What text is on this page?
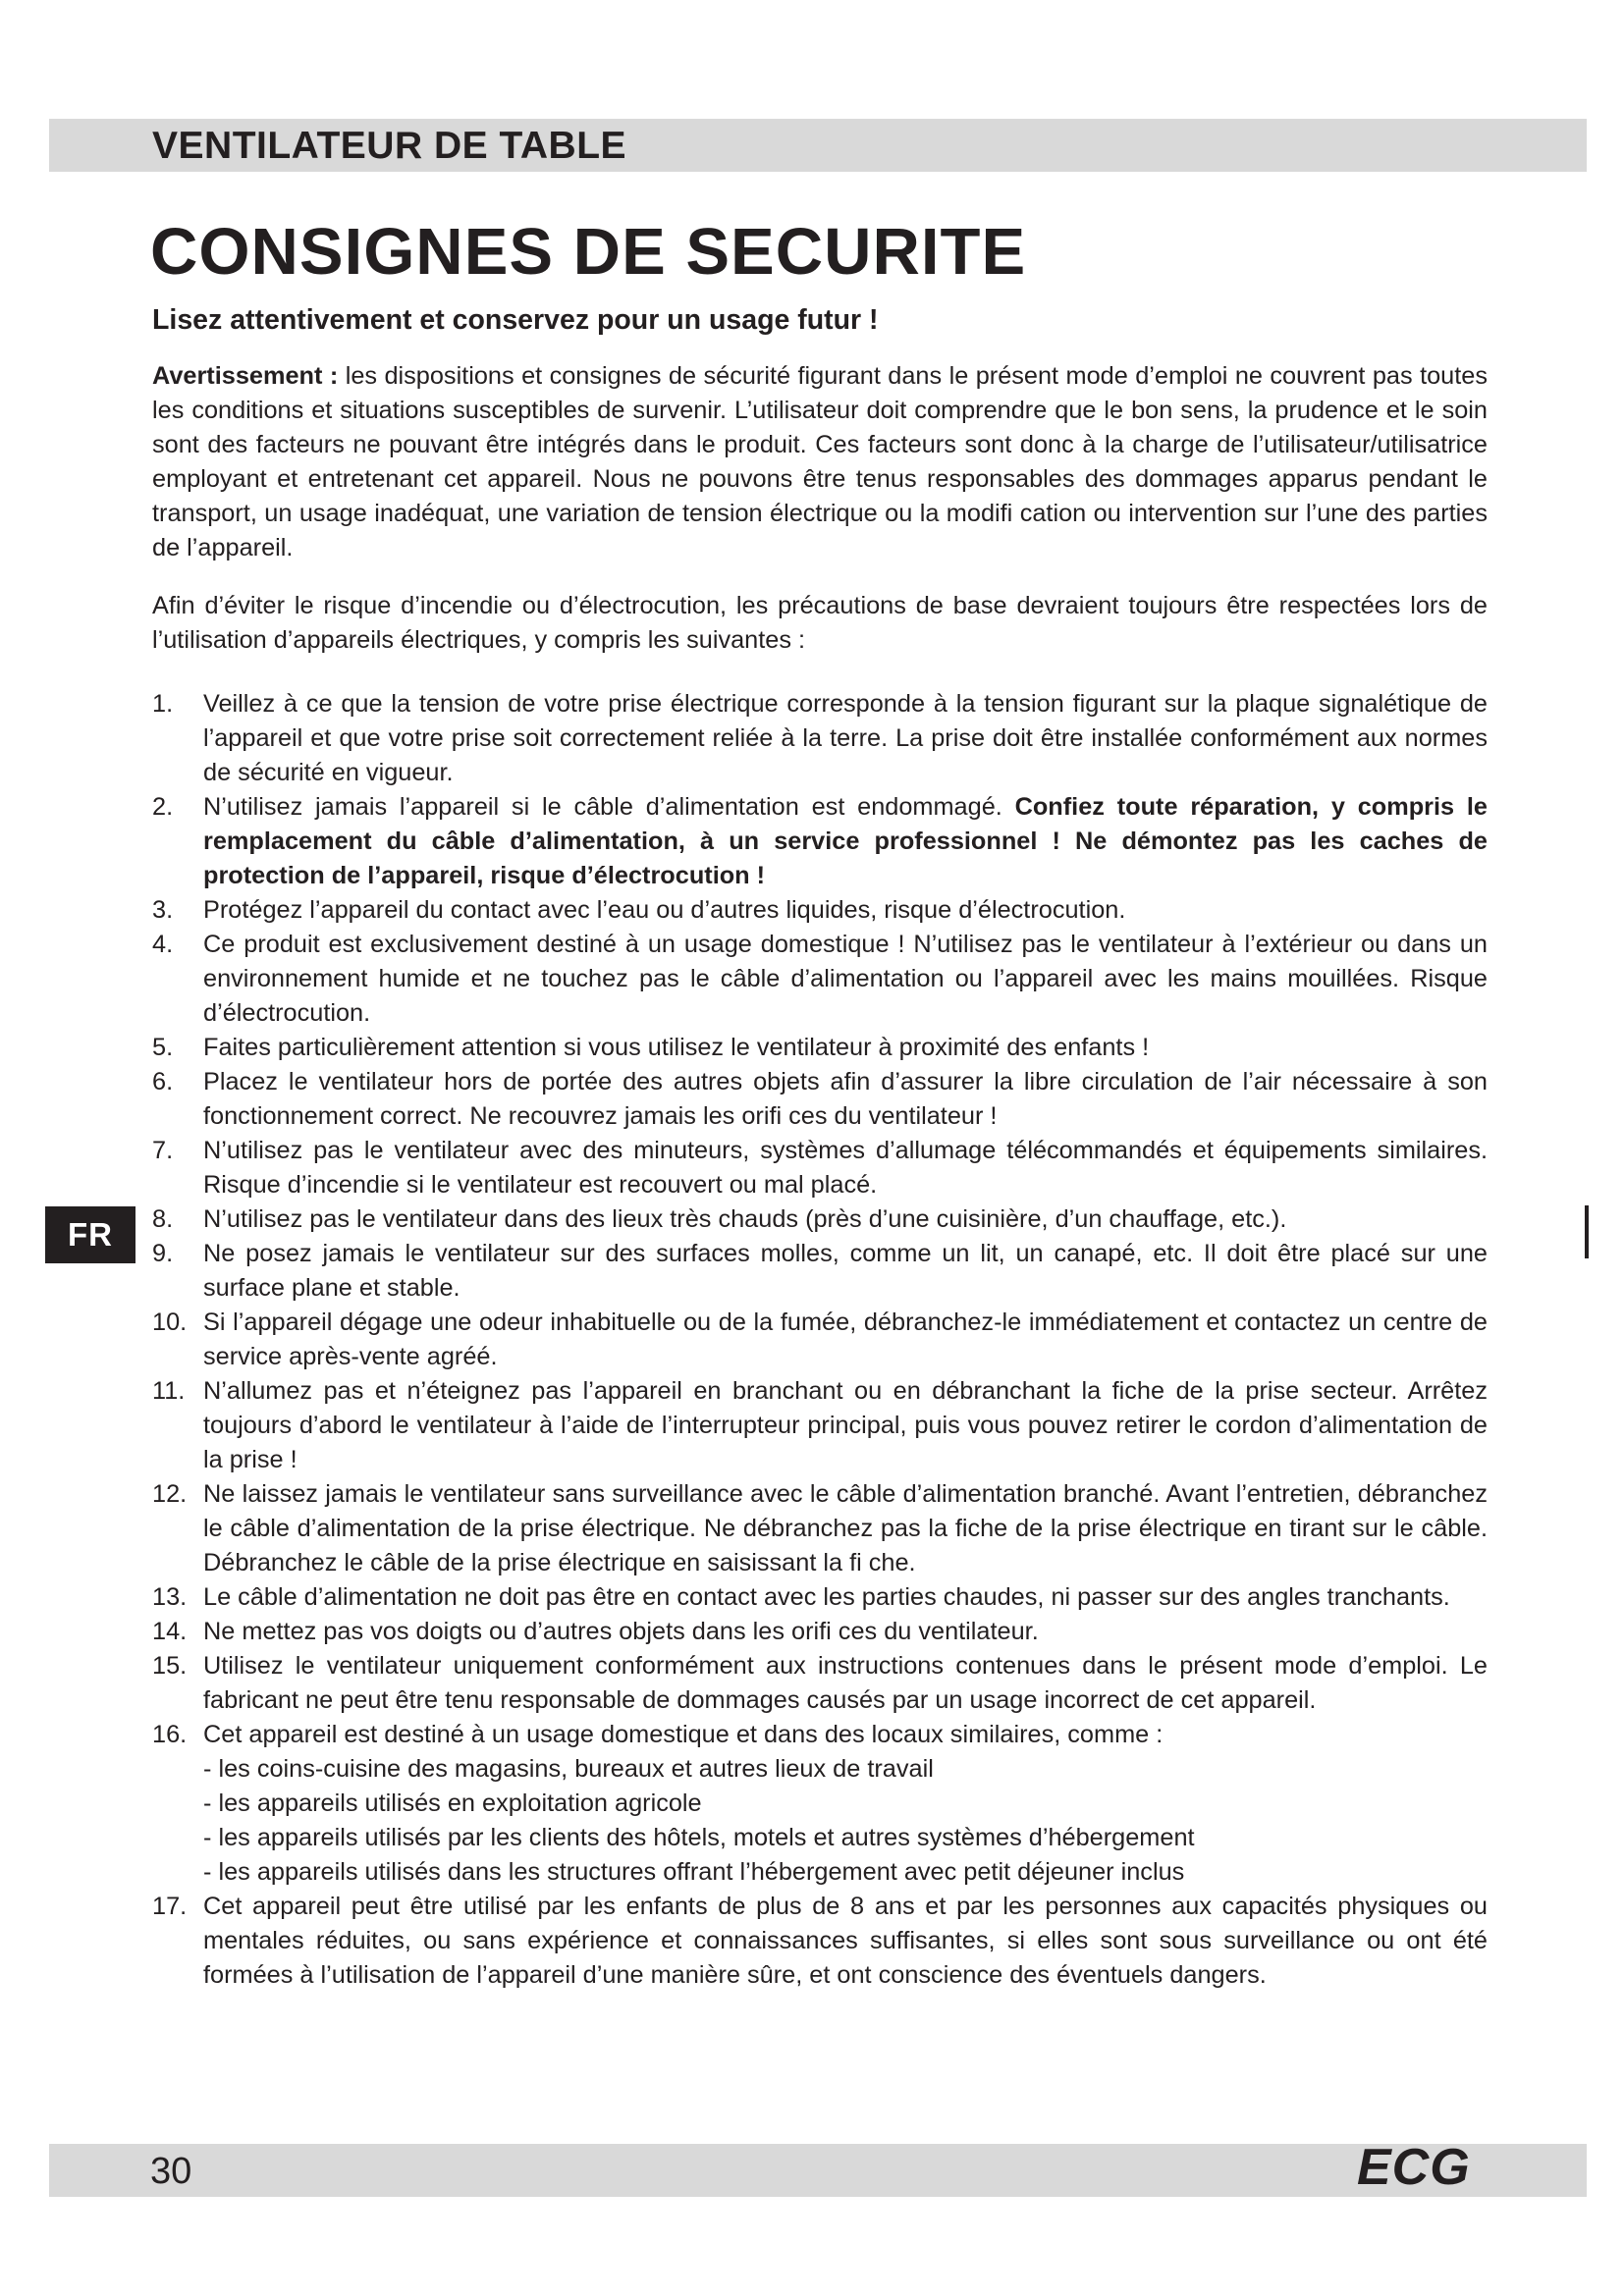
VENTILATEUR DE TABLE
CONSIGNES DE SECURITE
Lisez attentivement et conservez pour un usage futur !

Avertissement : les dispositions et consignes de sécurité figurant dans le présent mode d’emploi ne couvrent pas toutes les conditions et situations susceptibles de survenir. L’utilisateur doit comprendre que le bon sens, la prudence et le soin sont des facteurs ne pouvant être intégrés dans le produit. Ces facteurs sont donc à la charge de l’utilisateur/utilisatrice employant et entretenant cet appareil. Nous ne pouvons être tenus responsables des dommages apparus pendant le transport, un usage inadéquat, une variation de tension électrique ou la modifi cation ou intervention sur l’une des parties de l’appareil.

Afin d’éviter le risque d’incendie ou d’électrocution, les précautions de base devraient toujours être respectées lors de l’utilisation d’appareils électriques, y compris les suivantes :

1. Veillez à ce que la tension de votre prise électrique corresponde à la tension figurant sur la plaque signalétique de l’appareil et que votre prise soit correctement reliée à la terre. La prise doit être installée conformément aux normes de sécurité en vigueur.
2. N’utilisez jamais l’appareil si le câble d’alimentation est endommagé. Confiez toute réparation, y compris le remplacement du câble d’alimentation, à un service professionnel ! Ne démontez pas les caches de protection de l’appareil, risque d’électrocution !
3. Protégez l’appareil du contact avec l’eau ou d’autres liquides, risque d’électrocution.
4. Ce produit est exclusivement destiné à un usage domestique ! N’utilisez pas le ventilateur à l’extérieur ou dans un environnement humide et ne touchez pas le câble d’alimentation ou l’appareil avec les mains mouillées. Risque d’électrocution.
5. Faites particulièrement attention si vous utilisez le ventilateur à proximité des enfants !
6. Placez le ventilateur hors de portée des autres objets afin d’assurer la libre circulation de l’air nécessaire à son fonctionnement correct. Ne recouvrez jamais les orifi ces du ventilateur !
7. N’utilisez pas le ventilateur avec des minuteurs, systèmes d’allumage télécommandés et équipements similaires. Risque d’incendie si le ventilateur est recouvert ou mal placé.
8. N’utilisez pas le ventilateur dans des lieux très chauds (près d’une cuisinière, d’un chauffage, etc.).
9. Ne posez jamais le ventilateur sur des surfaces molles, comme un lit, un canapé, etc. Il doit être placé sur une surface plane et stable.
10. Si l’appareil dégage une odeur inhabituelle ou de la fumée, débranchez-le immédiatement et contactez un centre de service après-vente agréé.
11. N’allumez pas et n’éteignez pas l’appareil en branchant ou en débranchant la fiche de la prise secteur. Arrêtez toujours d’abord le ventilateur à l’aide de l’interrupteur principal, puis vous pouvez retirer le cordon d’alimentation de la prise !
12. Ne laissez jamais le ventilateur sans surveillance avec le câble d’alimentation branché. Avant l’entretien, débranchez le câble d’alimentation de la prise électrique. Ne débranchez pas la fiche de la prise électrique en tirant sur le câble. Débranchez le câble de la prise électrique en saisissant la fi che.
13. Le câble d’alimentation ne doit pas être en contact avec les parties chaudes, ni passer sur des angles tranchants.
14. Ne mettez pas vos doigts ou d’autres objets dans les orifi ces du ventilateur.
15. Utilisez le ventilateur uniquement conformément aux instructions contenues dans le présent mode d’emploi. Le fabricant ne peut être tenu responsable de dommages causés par un usage incorrect de cet appareil.
16. Cet appareil est destiné à un usage domestique et dans des locaux similaires, comme :
- les coins-cuisine des magasins, bureaux et autres lieux de travail
- les appareils utilisés en exploitation agricole
- les appareils utilisés par les clients des hôtels, motels et autres systèmes d’hébergement
- les appareils utilisés dans les structures offrant l’hébergement avec petit déjeuner inclus
17. Cet appareil peut être utilisé par les enfants de plus de 8 ans et par les personnes aux capacités physiques ou mentales réduites, ou sans expérience et connaissances suffisantes, si elles sont sous surveillance ou ont été formées à l’utilisation de l’appareil d’une manière sûre, et ont conscience des éventuels dangers.
FR
30	ECG
